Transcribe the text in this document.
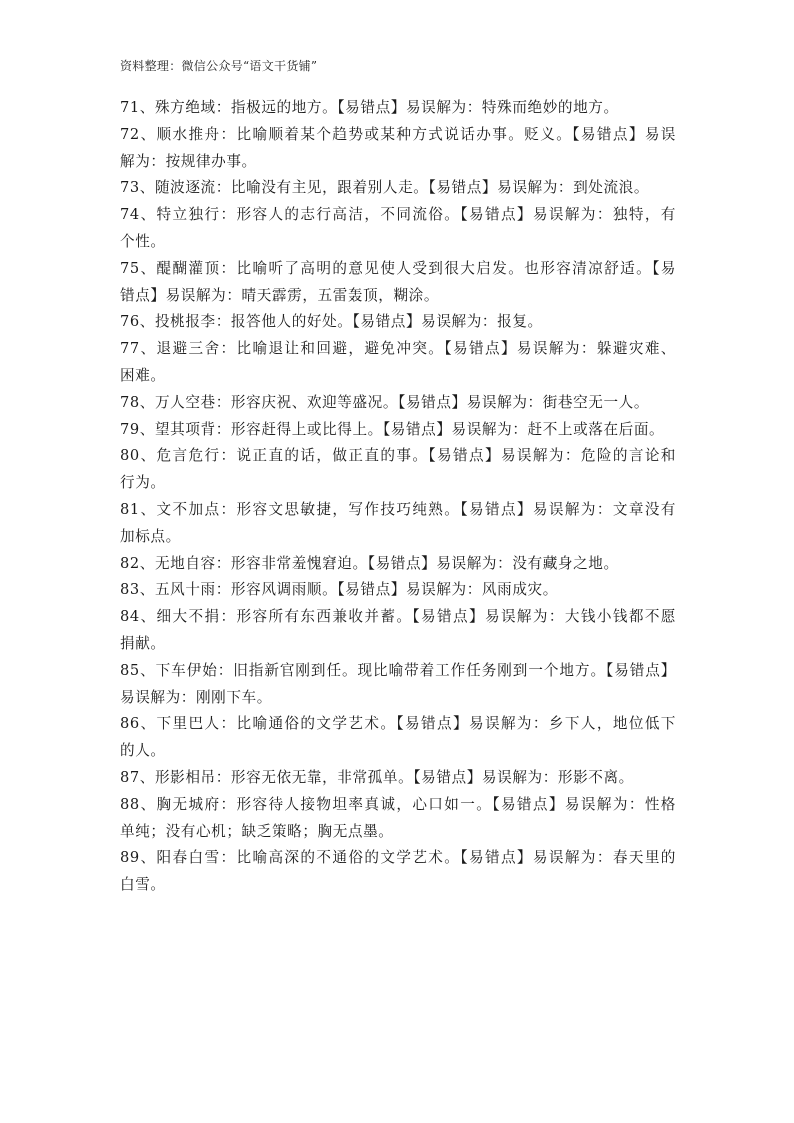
资料整理：微信公众号“语文干货铺”
71、殊方绝域：指极远的地方。【易错点】易误解为：特殊而绝妙的地方。
72、顺水推舟：比喻顺着某个趋势或某种方式说话办事。贬义。【易错点】易误
解为：按规律办事。
73、随波逐流：比喻没有主见，跟着别人走。【易错点】易误解为：到处流浪。
74、特立独行：形容人的志行高洁，不同流俗。【易错点】易误解为：独特，有
个性。
75、醍醐灌顶：比喻听了高明的意见使人受到很大启发。也形容清凉舒适。【易
错点】易误解为：晴天霹雳，五雷轰顶，糊涂。
76、投桃报李：报答他人的好处。【易错点】易误解为：报复。
77、退避三舍：比喻退让和回避，避免冲突。【易错点】易误解为：躲避灾难、
困难。
78、万人空巷：形容庆祝、欢迎等盛况。【易错点】易误解为：街巷空无一人。
79、望其项背：形容赶得上或比得上。【易错点】易误解为：赶不上或落在后面。
80、危言危行：说正直的话，做正直的事。【易错点】易误解为：危险的言论和
行为。
81、文不加点：形容文思敏捷，写作技巧纯熟。【易错点】易误解为：文章没有
加标点。
82、无地自容：形容非常羞愧窘迫。【易错点】易误解为：没有藏身之地。
83、五风十雨：形容风调雨顺。【易错点】易误解为：风雨成灾。
84、细大不捐：形容所有东西兼收并蓄。【易错点】易误解为：大钱小钱都不愿
捐献。
85、下车伊始：旧指新官刚到任。现比喻带着工作任务刚到一个地方。【易错点】
易误解为：刚刚下车。
86、下里巴人：比喻通俗的文学艺术。【易错点】易误解为：乡下人，地位低下
的人。
87、形影相吊：形容无依无靠，非常孤单。【易错点】易误解为：形影不离。
88、胸无城府：形容待人接物坦率真诚，心口如一。【易错点】易误解为：性格
单纯；没有心机；缺乏策略；胸无点墨。
89、阳春白雪：比喻高深的不通俗的文学艺术。【易错点】易误解为：春天里的
白雪。
